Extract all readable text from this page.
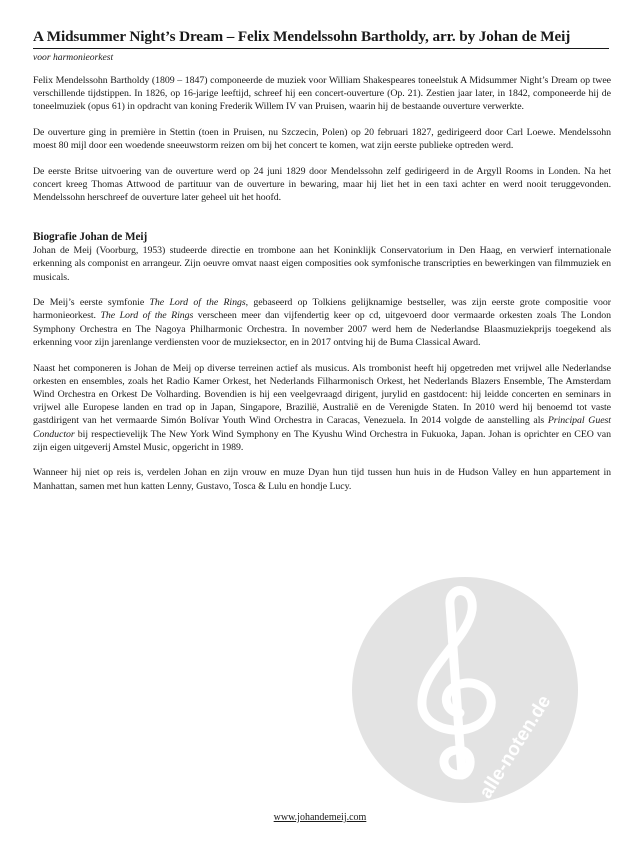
alle-noten.de
A Midsummer Night’s Dream – Felix Mendelssohn Bartholdy, arr. by Johan de Meij
voor harmonieorkest

Felix Mendelssohn Bartholdy (1809 – 1847) componeerde de muziek voor William Shakespeares toneelstuk A Midsummer Night’s Dream op twee verschillende tijdstippen. In 1826, op 16-jarige leeftijd, schreef hij een concert-ouverture (Op. 21). Zestien jaar later, in 1842, componeerde hij de toneelmuziek (opus 61) in opdracht van koning Frederik Willem IV van Pruisen, waarin hij de bestaande ouverture verwerkte.

De ouverture ging in première in Stettin (toen in Pruisen, nu Szczecin, Polen) op 20 februari 1827, gedirigeerd door Carl Loewe. Mendelssohn moest 80 mijl door een woedende sneeuwstorm reizen om bij het concert te komen, wat zijn eerste publieke optreden werd.

De eerste Britse uitvoering van de ouverture werd op 24 juni 1829 door Mendelssohn zelf gedirigeerd in de Argyll Rooms in Londen. Na het concert kreeg Thomas Attwood de partituur van de ouverture in bewaring, maar hij liet het in een taxi achter en werd nooit teruggevonden. Mendelssohn herschreef de ouverture later geheel uit het hoofd.

Biografie Johan de Meij

Johan de Meij (Voorburg, 1953) studeerde directie en trombone aan het Koninklijk Conservatorium in Den Haag, en verwierf internationale erkenning als componist en arrangeur. Zijn oeuvre omvat naast eigen composities ook symfonische transcripties en bewerkingen van filmmuziek en musicals.

De Meij’s eerste symfonie The Lord of the Rings, gebaseerd op Tolkiens gelijknamige bestseller, was zijn eerste grote compositie voor harmonieorkest. The Lord of the Rings verscheen meer dan vijfendertig keer op cd, uitgevoerd door vermaarde orkesten zoals The London Symphony Orchestra en The Nagoya Philharmonic Orchestra. In november 2007 werd hem de Nederlandse Blaasmuziekprijs toegekend als erkenning voor zijn jarenlange verdiensten voor de muzieksector, en in 2017 ontving hij de Buma Classical Award.

Naast het componeren is Johan de Meij op diverse terreinen actief als musicus. Als trombonist heeft hij opgetreden met vrijwel alle Nederlandse orkesten en ensembles, zoals het Radio Kamer Orkest, het Nederlands Filharmonisch Orkest, het Nederlands Blazers Ensemble, The Amsterdam Wind Orchestra en Orkest De Volharding. Bovendien is hij een veelgevraagd dirigent, jurylid en gastdocent: hij leidde concerten en seminars in vrijwel alle Europese landen en trad op in Japan, Singapore, Brazilië, Australië en de Verenigde Staten. In 2010 werd hij benoemd tot vaste gastdirigent van het vermaarde Simón Bolívar Youth Wind Orchestra in Caracas, Venezuela. In 2014 volgde de aanstelling als Principal Guest Conductor bij respectievelijk The New York Wind Symphony en The Kyushu Wind Orchestra in Fukuoka, Japan. Johan is oprichter en CEO van zijn eigen uitgeverij Amstel Music, opgericht in 1989.

Wanneer hij niet op reis is, verdelen Johan en zijn vrouw en muze Dyan hun tijd tussen hun huis in de Hudson Valley en hun appartement in Manhattan, samen met hun katten Lenny, Gustavo, Tosca & Lulu en hondje Lucy.

www.johandemeij.com
